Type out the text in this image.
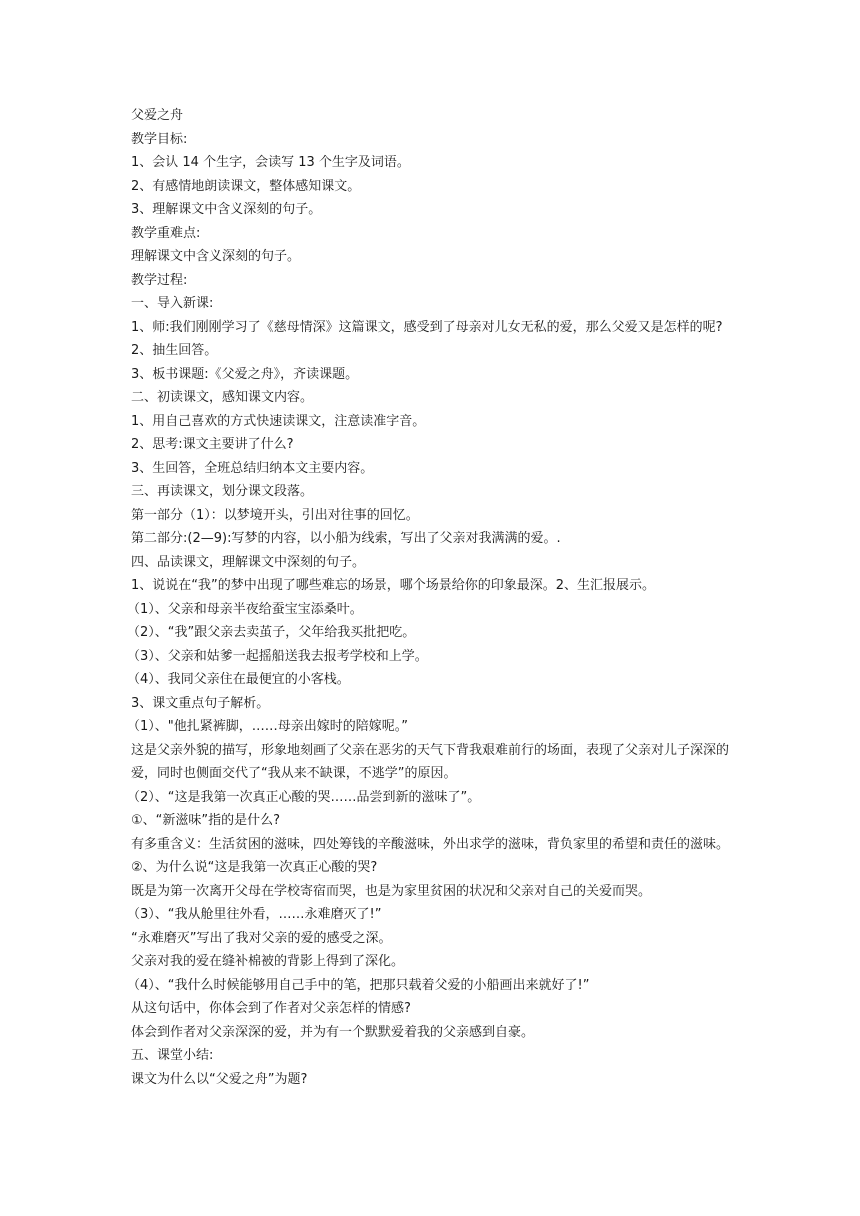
父爱之舟
教学目标:
1、会认 14 个生字，会读写 13 个生字及词语。
2、有感情地朗读课文，整体感知课文。
3、理解课文中含义深刻的句子。
教学重难点:
理解课文中含义深刻的句子。
教学过程:
一、导入新课:
1、师:我们刚刚学习了《慈母情深》这篇课文，感受到了母亲对儿女无私的爱，那么父爱又是怎样的呢?
2、抽生回答。
3、板书课题:《父爱之舟》，齐读课题。
二、初读课文，感知课文内容。
1、用自己喜欢的方式快速读课文，注意读准字音。
2、思考:课文主要讲了什么?
3、生回答，全班总结归纳本文主要内容。
三、再读课文，划分课文段落。
第一部分（1）：以梦境开头，引出对往事的回忆。
第二部分:(2—9):写梦的内容，以小船为线索，写出了父亲对我满满的爱。.
四、品读课文，理解课文中深刻的句子。
1、说说在“我”的梦中出现了哪些难忘的场景，哪个场景给你的印象最深。2、生汇报展示。
（1）、父亲和母亲半夜给蚕宝宝添桑叶。
（2）、“我”跟父亲去卖茧子，父年给我买批把吃。
（3）、父亲和姑爹一起摇船送我去报考学校和上学。
（4）、我同父亲住在最便宜的小客栈。
3、课文重点句子解析。
（1）、"他扎紧裤脚，……母亲出嫁时的陪嫁呢。”
这是父亲外貌的描写，形象地刻画了父亲在恶劣的天气下背我艰难前行的场面，表现了父亲对儿子深深的爱，同时也侧面交代了“我从来不缺课，不逃学”的原因。
（2）、“这是我第一次真正心酸的哭……品尝到新的滋味了”。
①、“新滋味”指的是什么?
有多重含义：生活贫困的滋味，四处筹钱的辛酸滋味，外出求学的滋味，背负家里的希望和责任的滋味。
②、为什么说“这是我第一次真正心酸的哭?
既是为第一次离开父母在学校寄宿而哭，也是为家里贫困的状况和父亲对自己的关爱而哭。
（3）、“我从舱里往外看，……永难磨灭了!”
“永难磨灭”写出了我对父亲的爱的感受之深。
父亲对我的爱在缝补棉被的背影上得到了深化。
（4）、“我什么时候能够用自己手中的笔，把那只载着父爱的小船画出来就好了!”
从这句话中，你体会到了作者对父亲怎样的情感?
体会到作者对父亲深深的爱，并为有一个默默爱着我的父亲感到自豪。
五、课堂小结:
课文为什么以“父爱之舟”为题?
